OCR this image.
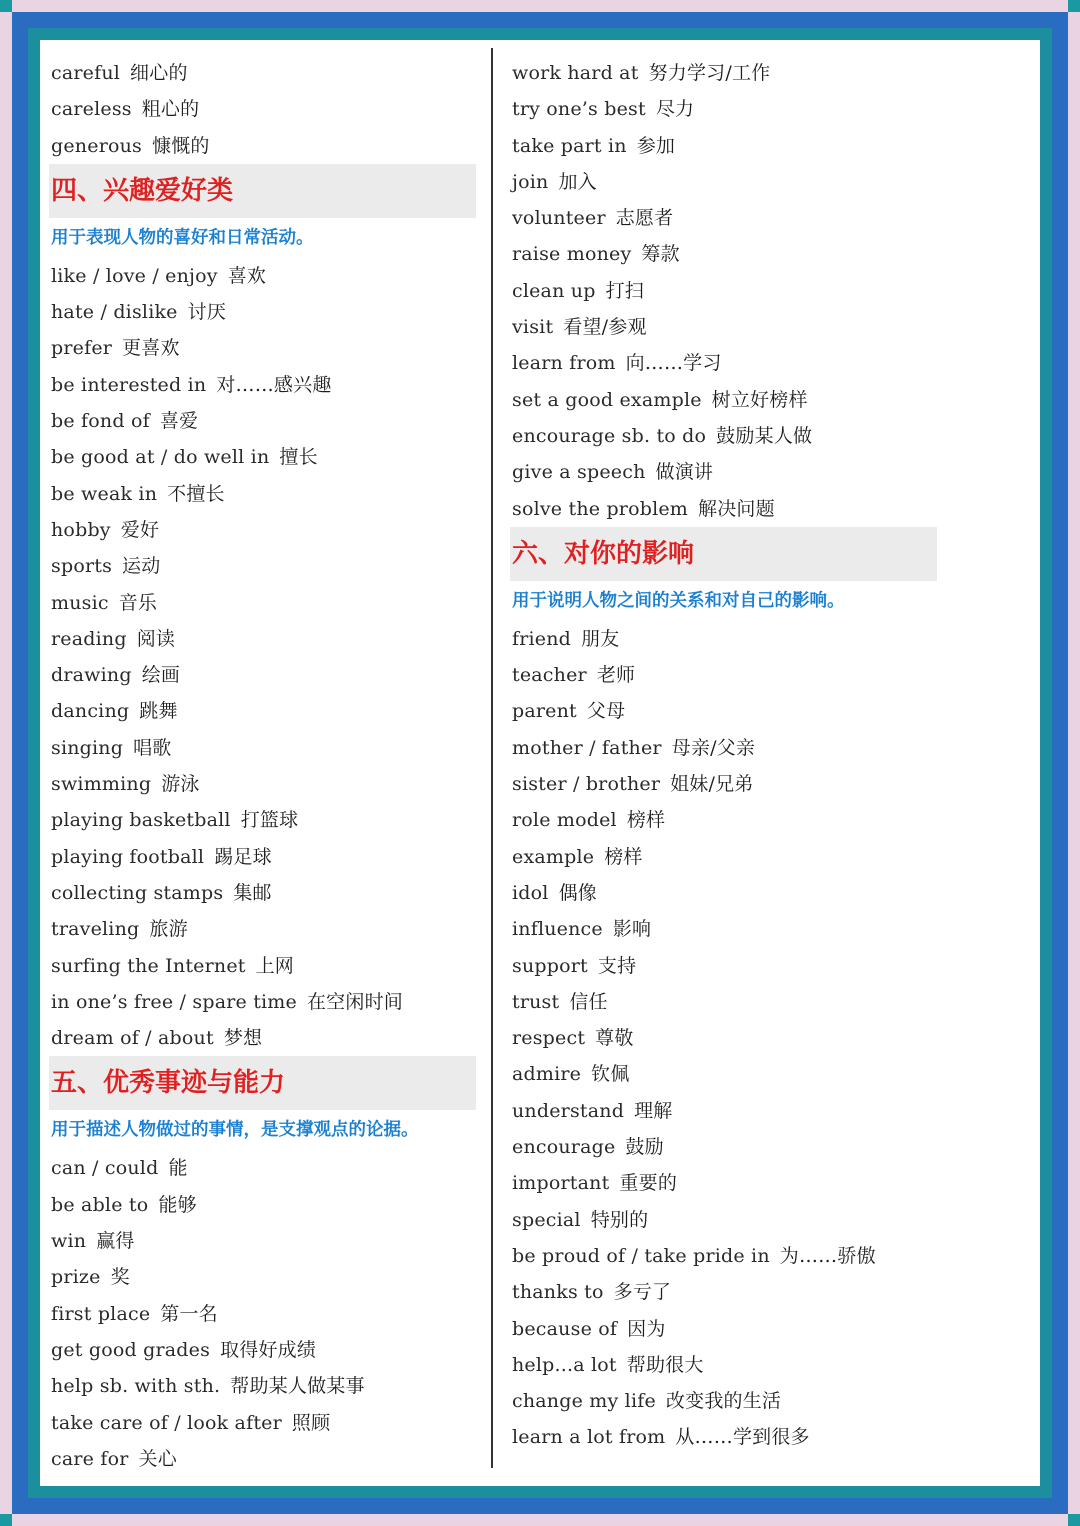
careful 细心的
careless 粗心的
generous 慷慨的
四、兴趣爱好类
用于表现人物的喜好和日常活动。
like / love / enjoy 喜欢
hate / dislike 讨厌
prefer 更喜欢
be interested in 对……感兴趣
be fond of 喜爱
be good at / do well in 擅长
be weak in 不擅长
hobby 爱好
sports 运动
music 音乐
reading 阅读
drawing 绘画
dancing 跳舞
singing 唱歌
swimming 游泳
playing basketball 打篮球
playing football 踢足球
collecting stamps 集邮
traveling 旅游
surfing the Internet 上网
in one’s free / spare time 在空闲时间
dream of / about 梦想
五、优秀事迹与能力
用于描述人物做过的事情，是支撑观点的论据。
can / could 能
be able to 能够
win 赢得
prize 奖
first place 第一名
get good grades 取得好成绩
help sb. with sth. 帮助某人做某事
take care of / look after 照顾
care for 关心
work hard at 努力学习/工作
try one’s best 尽力
take part in 参加
join 加入
volunteer 志愿者
raise money 筹款
clean up 打扫
visit 看望/参观
learn from 向……学习
set a good example 树立好榜样
encourage sb. to do 鼓励某人做
give a speech 做演讲
solve the problem 解决问题
六、对你的影响
用于说明人物之间的关系和对自己的影响。
friend 朋友
teacher 老师
parent 父母
mother / father 母亲/父亲
sister / brother 姐妹/兄弟
role model 榜样
example 榜样
idol 偶像
influence 影响
support 支持
trust 信任
respect 尊敬
admire 钦佩
understand 理解
encourage 鼓励
important 重要的
special 特别的
be proud of / take pride in 为……骄傲
thanks to 多亏了
because of 因为
help...a lot 帮助很大
change my life 改变我的生活
learn a lot from 从……学到很多
